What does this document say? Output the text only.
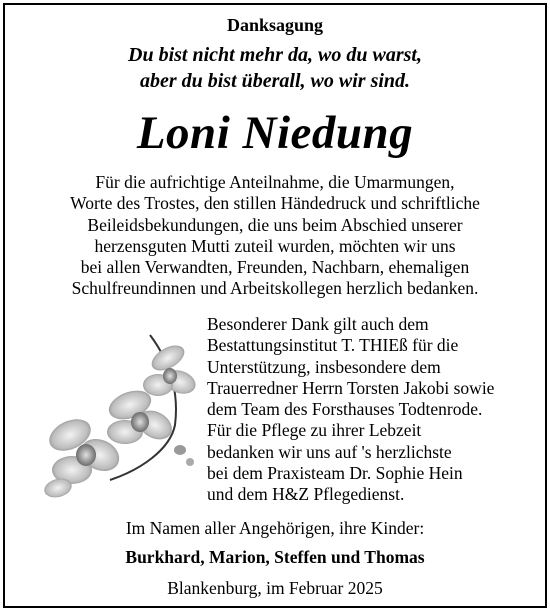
Danksagung
Du bist nicht mehr da, wo du warst,
aber du bist überall, wo wir sind.
Loni Niedung
Für die aufrichtige Anteilnahme, die Umarmungen,
Worte des Trostes, den stillen Händedruck und schriftliche
Beileidsbekundungen, die uns beim Abschied unserer
herzensguten Mutti zuteil wurden, möchten wir uns
bei allen Verwandten, Freunden, Nachbarn, ehemaligen
Schulfreundinnen und Arbeitskollegen herzlich bedanken.
Besonderer Dank gilt auch dem
Bestattungsinstitut T. THIEß für die
Unterstützung, insbesondere dem
Trauerredner Herrn Torsten Jakobi sowie
dem Team des Forsthauses Todtenrode.
Für die Pflege zu ihrer Lebzeit
bedanken wir uns auf 's herzlichste
bei dem Praxisteam Dr. Sophie Hein
und dem H&Z Pflegedienst.
Im Namen aller Angehörigen, ihre Kinder:
Burkhard, Marion, Steffen und Thomas
Blankenburg, im Februar 2025
